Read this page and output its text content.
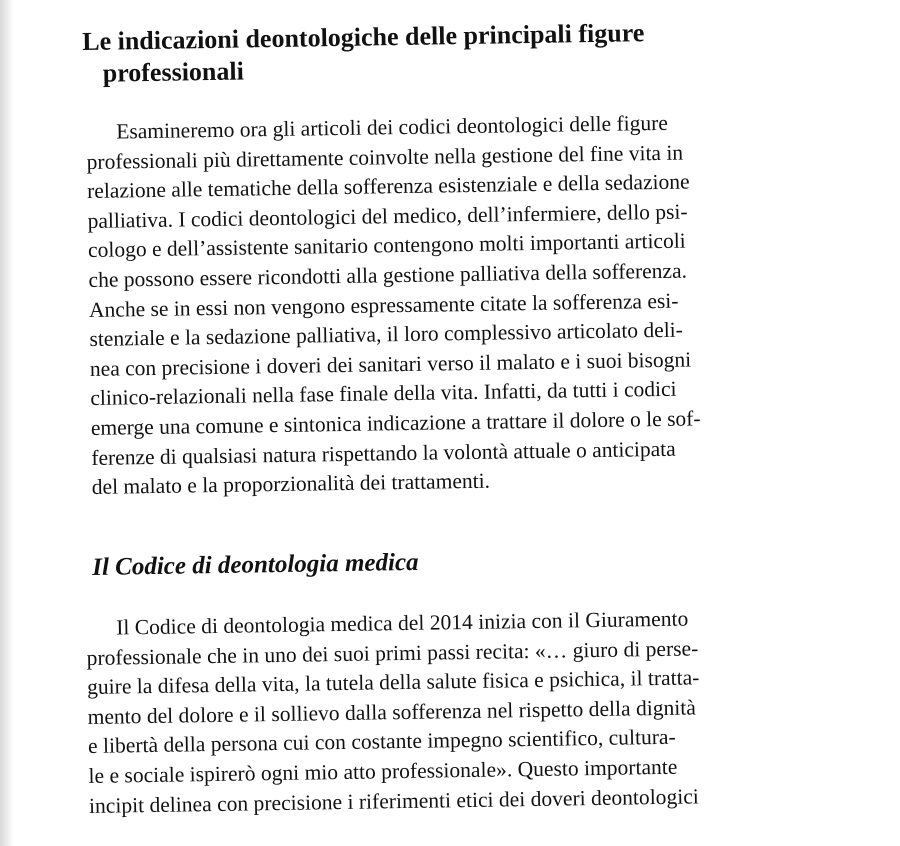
Le indicazioni deontologiche delle principali figure
professionali

Esamineremo ora gli articoli dei codici deontologici delle figure
professionali più direttamente coinvolte nella gestione del fine vita in
relazione alle tematiche della sofferenza esistenziale e della sedazione
palliativa. I codici deontologici del medico, dell’infermiere, dello psi-
cologo e dell’assistente sanitario contengono molti importanti articoli
che possono essere ricondotti alla gestione palliativa della sofferenza.
Anche se in essi non vengono espressamente citate la sofferenza esi-
stenziale e la sedazione palliativa, il loro complessivo articolato deli-
nea con precisione i doveri dei sanitari verso il malato e i suoi bisogni
clinico-relazionali nella fase finale della vita. Infatti, da tutti i codici
emerge una comune e sintonica indicazione a trattare il dolore o le sof-
ferenze di qualsiasi natura rispettando la volontà attuale o anticipata
del malato e la proporzionalità dei trattamenti.

Il Codice di deontologia medica

Il Codice di deontologia medica del 2014 inizia con il Giuramento
professionale che in uno dei suoi primi passi recita: «… giuro di perse-
guire la difesa della vita, la tutela della salute fisica e psichica, il tratta-
mento del dolore e il sollievo dalla sofferenza nel rispetto della dignità
e libertà della persona cui con costante impegno scientifico, cultura-
le e sociale ispirerò ogni mio atto professionale». Questo importante
incipit delinea con precisione i riferimenti etici dei doveri deontologici
